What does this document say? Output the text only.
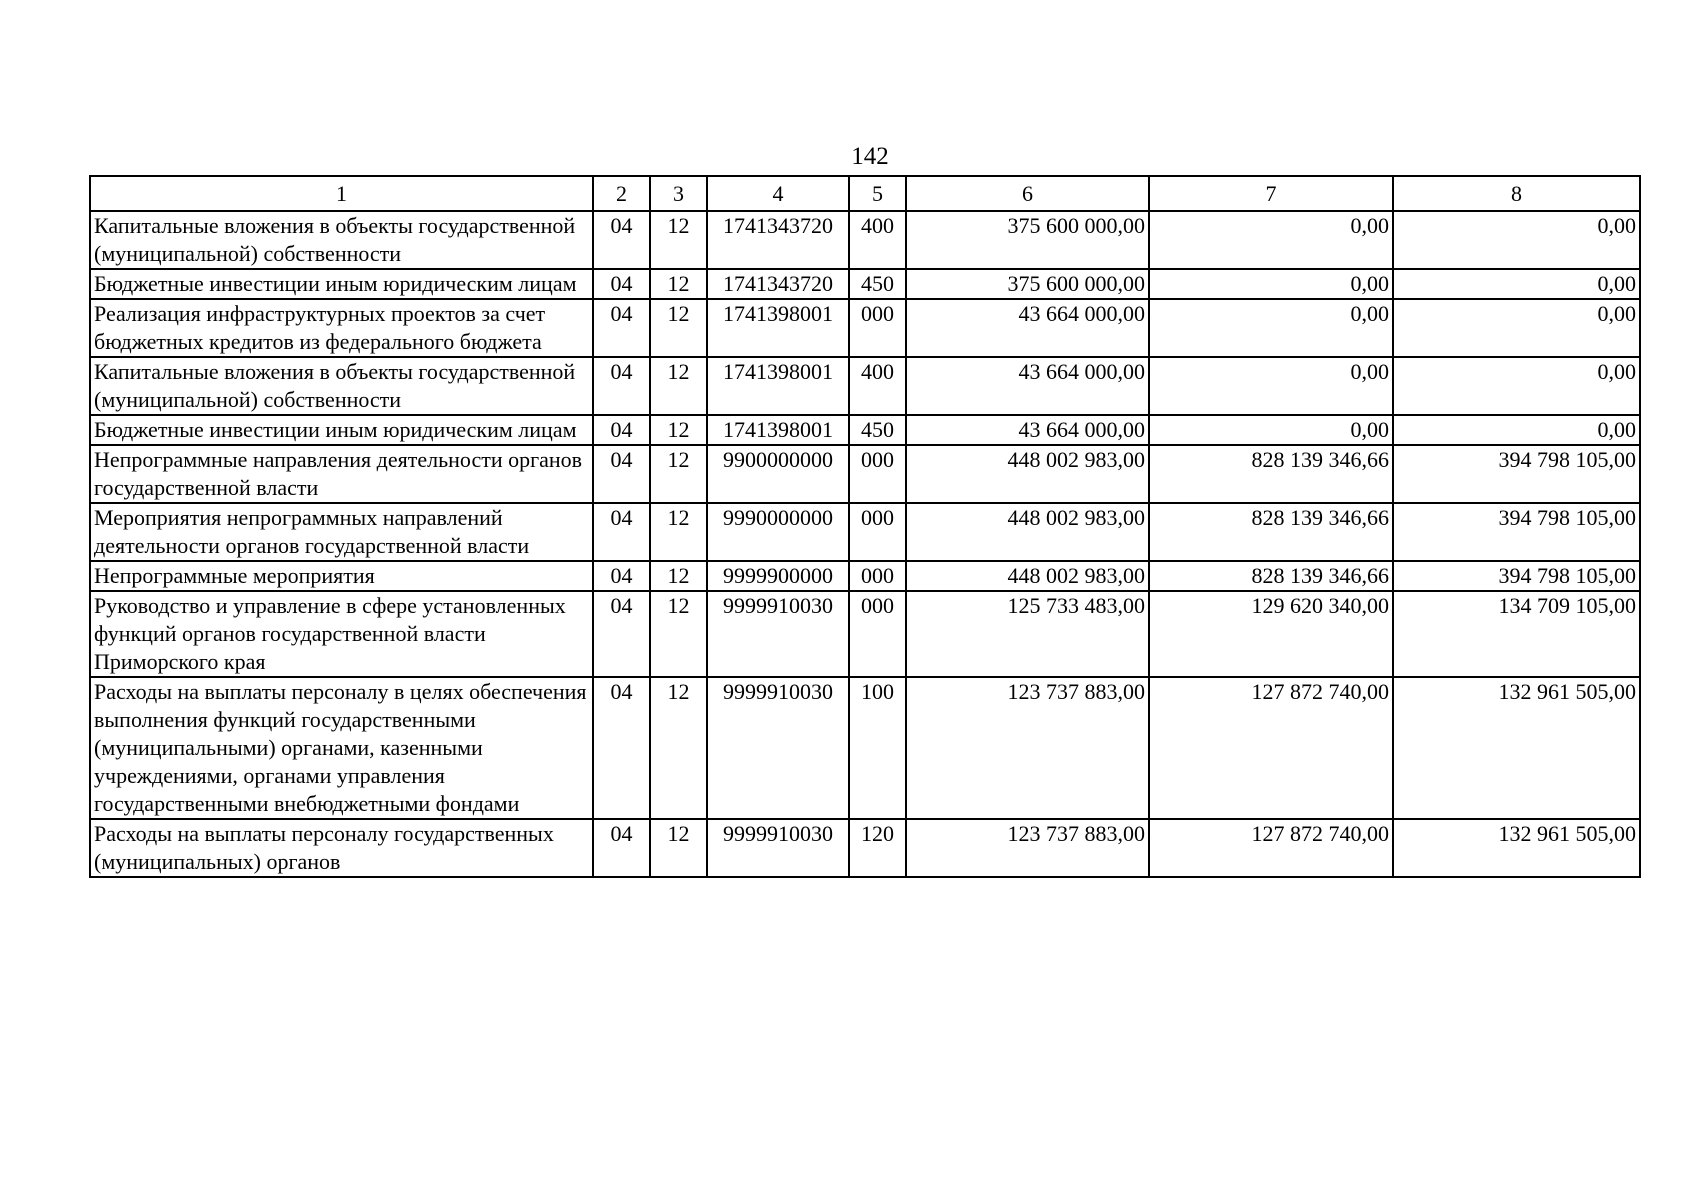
142
1	2	3	4	5	6	7	8
Капитальные вложения в объекты государственной (муниципальной) собственности	04	12	1741343720	400	375 600 000,00	0,00	0,00
Бюджетные инвестиции иным юридическим лицам	04	12	1741343720	450	375 600 000,00	0,00	0,00
Реализация инфраструктурных проектов за счет бюджетных кредитов из федерального бюджета	04	12	1741398001	000	43 664 000,00	0,00	0,00
Капитальные вложения в объекты государственной (муниципальной) собственности	04	12	1741398001	400	43 664 000,00	0,00	0,00
Бюджетные инвестиции иным юридическим лицам	04	12	1741398001	450	43 664 000,00	0,00	0,00
Непрограммные направления деятельности органов государственной власти	04	12	9900000000	000	448 002 983,00	828 139 346,66	394 798 105,00
Мероприятия непрограммных направлений деятельности органов государственной власти	04	12	9990000000	000	448 002 983,00	828 139 346,66	394 798 105,00
Непрограммные мероприятия	04	12	9999900000	000	448 002 983,00	828 139 346,66	394 798 105,00
Руководство и управление в сфере установленных функций органов государственной власти Приморского края	04	12	9999910030	000	125 733 483,00	129 620 340,00	134 709 105,00
Расходы на выплаты персоналу в целях обеспечения выполнения функций государственными (муниципальными) органами, казенными учреждениями, органами управления государственными внебюджетными фондами	04	12	9999910030	100	123 737 883,00	127 872 740,00	132 961 505,00
Расходы на выплаты персоналу государственных (муниципальных) органов	04	12	9999910030	120	123 737 883,00	127 872 740,00	132 961 505,00
